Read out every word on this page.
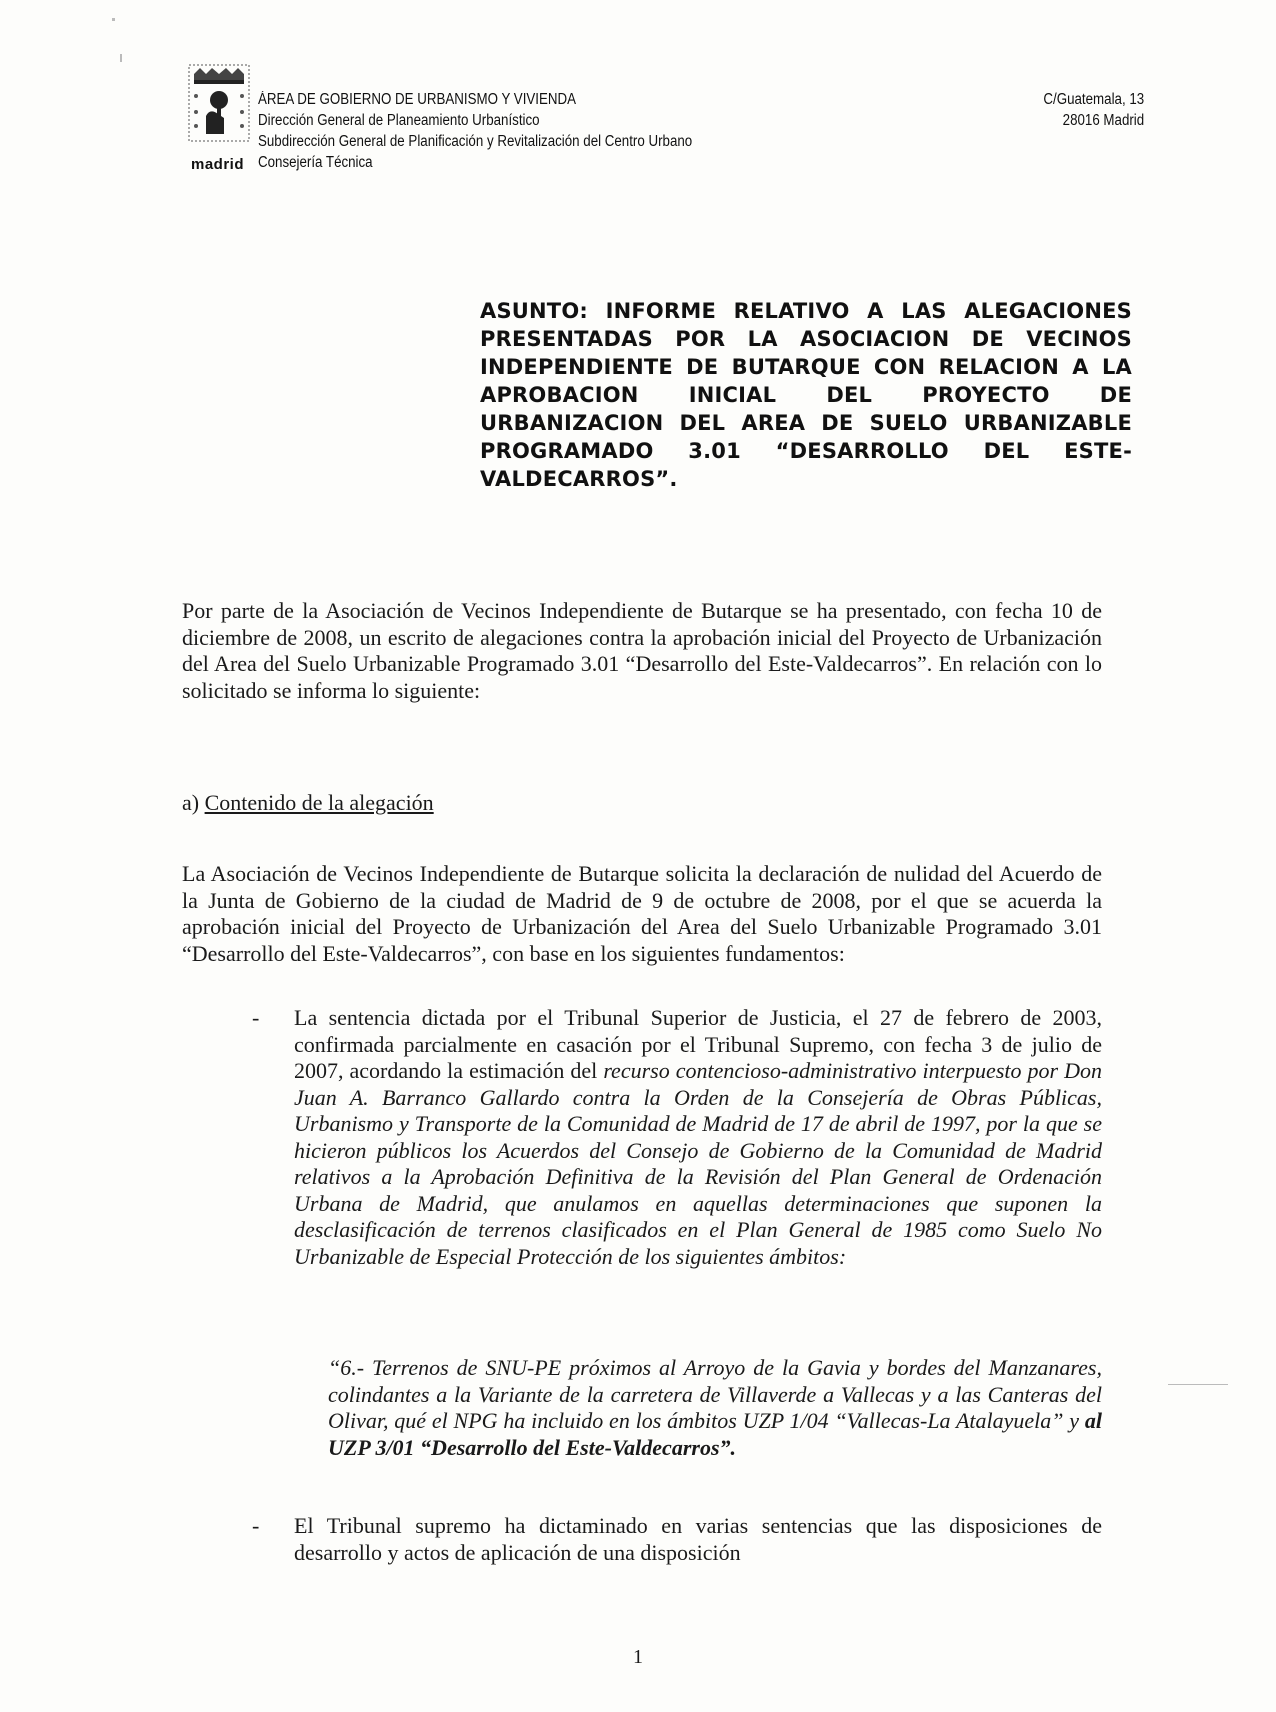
madrid
ÁREA DE GOBIERNO DE URBANISMO Y VIVIENDA
Dirección General de Planeamiento Urbanístico
Subdirección General de Planificación y Revitalización del Centro Urbano
Consejería Técnica
C/Guatemala, 13
28016 Madrid
ASUNTO: INFORME RELATIVO A LAS ALEGACIONES PRESENTADAS POR LA ASOCIACION DE VECINOS INDEPENDIENTE DE BUTARQUE CON RELACION A LA APROBACION INICIAL DEL PROYECTO DE URBANIZACION DEL AREA DE SUELO URBANIZABLE PROGRAMADO 3.01 “DESARROLLO DEL ESTE-VALDECARROS”.
Por parte de la Asociación de Vecinos Independiente de Butarque se ha presentado, con fecha 10 de diciembre de 2008, un escrito de alegaciones contra la aprobación inicial del Proyecto de Urbanización del Area del Suelo Urbanizable Programado 3.01 “Desarrollo del Este-Valdecarros”. En relación con lo solicitado se informa lo siguiente:
a) Contenido de la alegación
La Asociación de Vecinos Independiente de Butarque solicita la declaración de nulidad del Acuerdo de la Junta de Gobierno de la ciudad de Madrid de 9 de octubre de 2008, por el que se acuerda la aprobación inicial del Proyecto de Urbanización del Area del Suelo Urbanizable Programado 3.01 “Desarrollo del Este-Valdecarros”, con base en los siguientes fundamentos:
- La sentencia dictada por el Tribunal Superior de Justicia, el 27 de febrero de 2003, confirmada parcialmente en casación por el Tribunal Supremo, con fecha 3 de julio de 2007, acordando la estimación del recurso contencioso-administrativo interpuesto por Don Juan A. Barranco Gallardo contra la Orden de la Consejería de Obras Públicas, Urbanismo y Transporte de la Comunidad de Madrid de 17 de abril de 1997, por la que se hicieron públicos los Acuerdos del Consejo de Gobierno de la Comunidad de Madrid relativos a la Aprobación Definitiva de la Revisión del Plan General de Ordenación Urbana de Madrid, que anulamos en aquellas determinaciones que suponen la desclasificación de terrenos clasificados en el Plan General de 1985 como Suelo No Urbanizable de Especial Protección de los siguientes ámbitos:
“6.- Terrenos de SNU-PE próximos al Arroyo de la Gavia y bordes del Manzanares, colindantes a la Variante de la carretera de Villaverde a Vallecas y a las Canteras del Olivar, qué el NPG ha incluido en los ámbitos UZP 1/04 “Vallecas-La Atalayuela” y al UZP 3/01 “Desarrollo del Este-Valdecarros”.
- El Tribunal supremo ha dictaminado en varias sentencias que las disposiciones de desarrollo y actos de aplicación de una disposición
1
